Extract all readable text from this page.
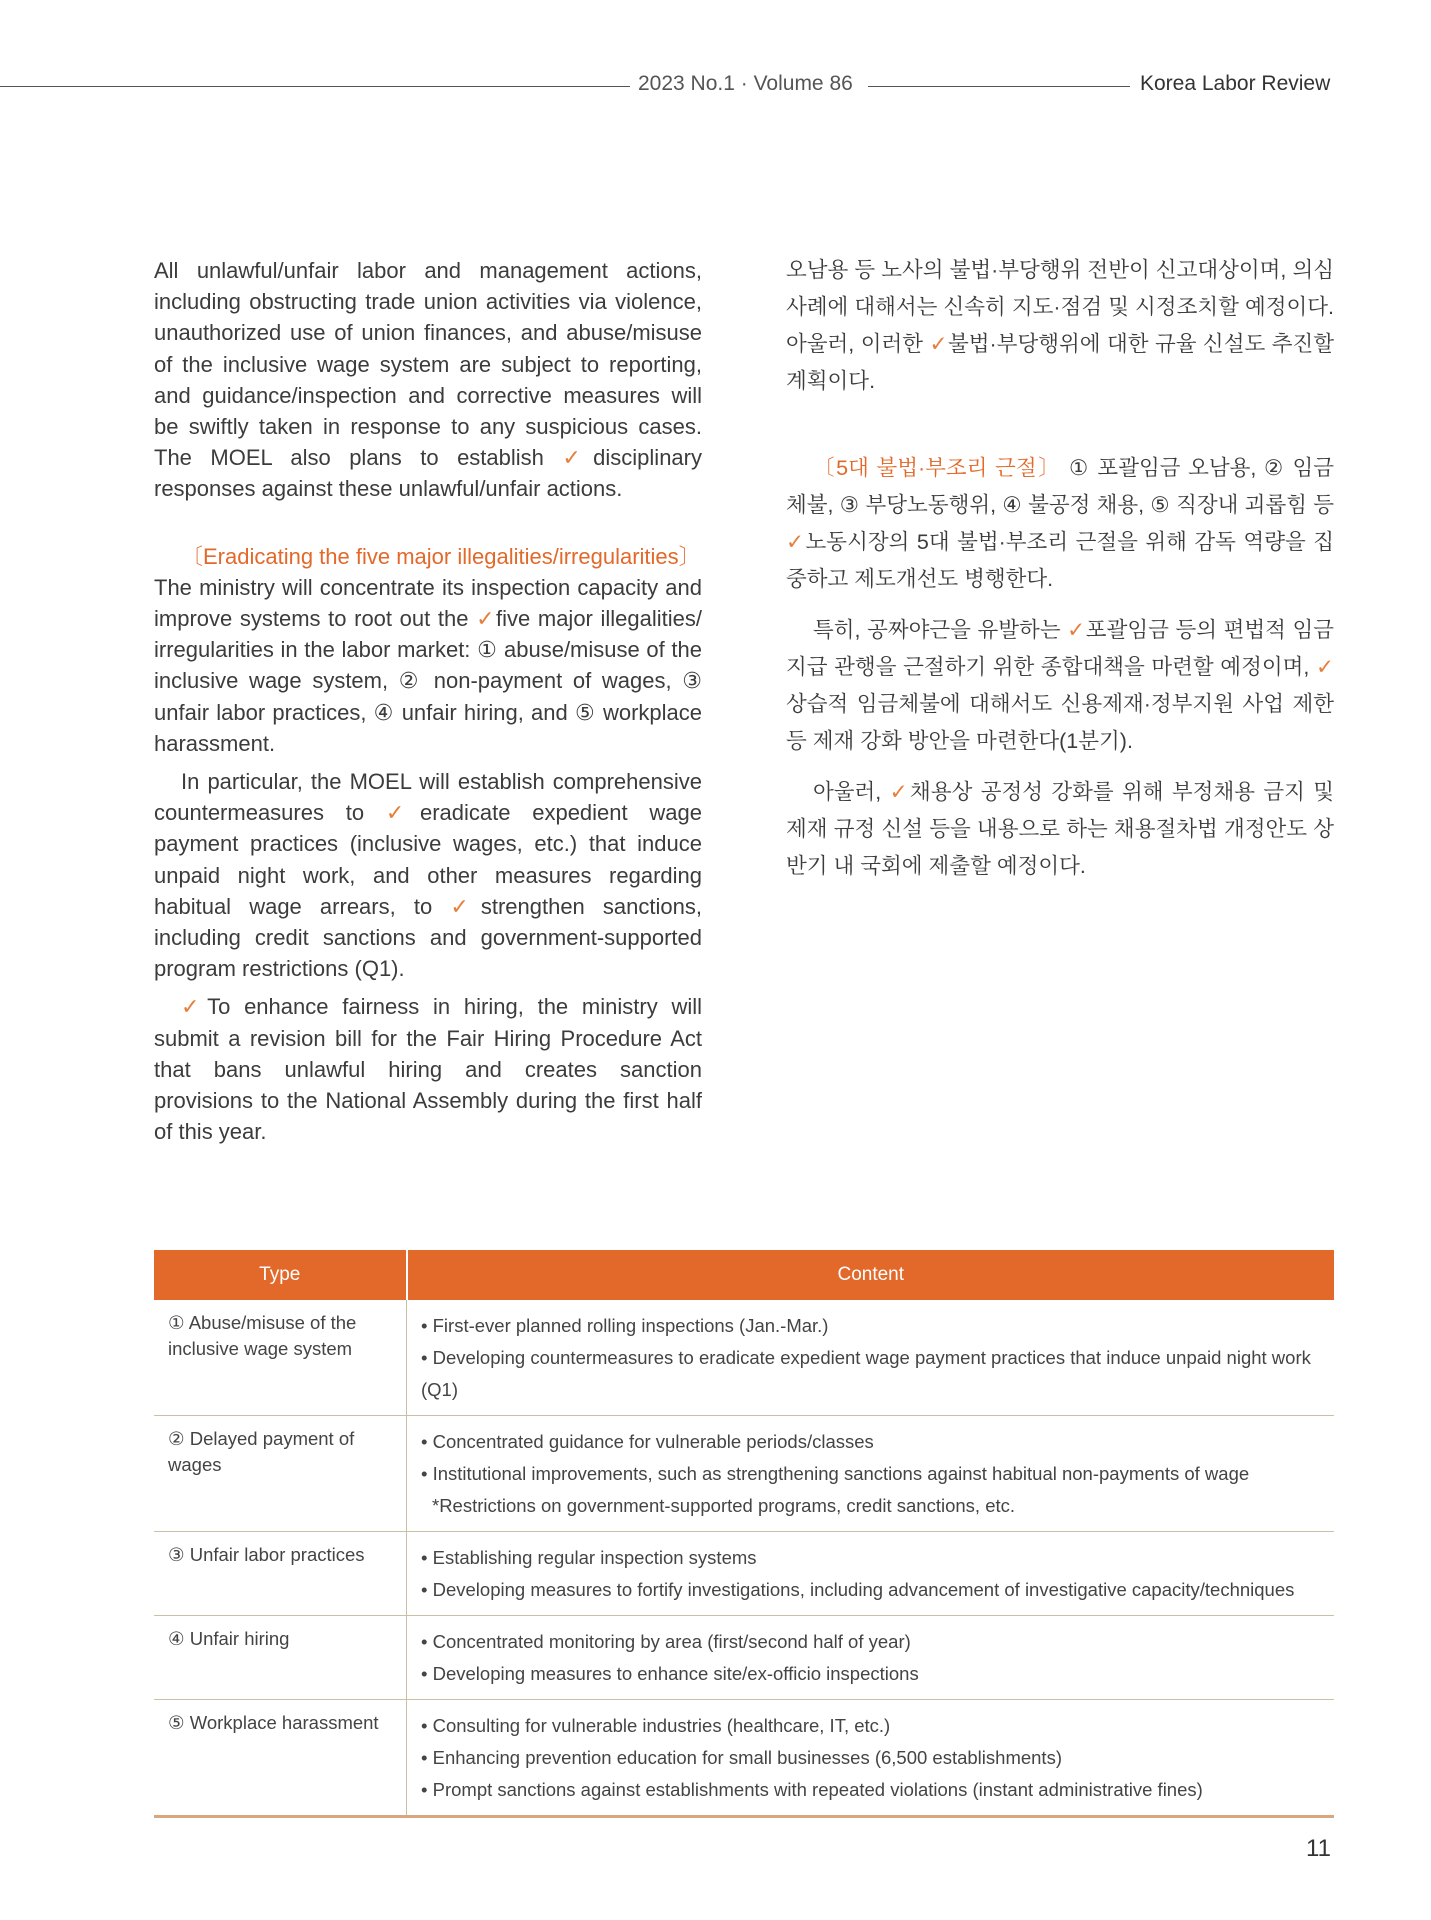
2023 No.1 · Volume 86	Korea Labor Review

All unlawful/unfair labor and management actions, including obstructing trade union activities via violence, unauthorized use of union finances, and abuse/misuse of the inclusive wage system are subject to reporting, and guidance/inspection and corrective measures will be swiftly taken in response to any suspicious cases. The MOEL also plans to establish ✓disciplinary responses against these unlawful/unfair actions.

〔Eradicating the five major illegalities/irregularities〕

The ministry will concentrate its inspection capacity and improve systems to root out the ✓five major illegalities/ irregularities in the labor market: ① abuse/misuse of the inclusive wage system, ② non-payment of wages, ③ unfair labor practices, ④ unfair hiring, and ⑤ workplace harassment.

In particular, the MOEL will establish comprehensive countermeasures to ✓eradicate expedient wage payment practices (inclusive wages, etc.) that induce unpaid night work, and other measures regarding habitual wage arrears, to ✓strengthen sanctions, including credit sanctions and government-supported program restrictions (Q1).

✓To enhance fairness in hiring, the ministry will submit a revision bill for the Fair Hiring Procedure Act that bans unlawful hiring and creates sanction provisions to the National Assembly during the first half of this year.

오남용 등 노사의 불법·부당행위 전반이 신고대상이며, 의심 사례에 대해서는 신속히 지도·점검 및 시정조치할 예정이다. 아울러, 이러한 ✓불법·부당행위에 대한 규율 신설도 추진할 계획이다.

〔5대 불법·부조리 근절〕 ① 포괄임금 오남용, ② 임금체불, ③ 부당노동행위, ④ 불공정 채용, ⑤ 직장내 괴롭힘 등 ✓노동시장의 5대 불법·부조리 근절을 위해 감독 역량을 집중하고 제도개선도 병행한다.

특히, 공짜야근을 유발하는 ✓포괄임금 등의 편법적 임금지급 관행을 근절하기 위한 종합대책을 마련할 예정이며, ✓상습적 임금체불에 대해서도 신용제재·정부지원 사업 제한 등 제재 강화 방안을 마련한다(1분기).

아울러, ✓채용상 공정성 강화를 위해 부정채용 금지 및 제재 규정 신설 등을 내용으로 하는 채용절차법 개정안도 상반기 내 국회에 제출할 예정이다.

Type	Content
① Abuse/misuse of the inclusive wage system	• First-ever planned rolling inspections (Jan.-Mar.)
• Developing countermeasures to eradicate expedient wage payment practices that induce unpaid night work (Q1)

② Delayed payment of wages	• Concentrated guidance for vulnerable periods/classes
• Institutional improvements, such as strengthening sanctions against habitual non-payments of wage
*Restrictions on government-supported programs, credit sanctions, etc.

③ Unfair labor practices	• Establishing regular inspection systems
• Developing measures to fortify investigations, including advancement of investigative capacity/techniques

④ Unfair hiring	• Concentrated monitoring by area (first/second half of year)
• Developing measures to enhance site/ex-officio inspections

⑤ Workplace harassment	• Consulting for vulnerable industries (healthcare, IT, etc.)
• Enhancing prevention education for small businesses (6,500 establishments)
• Prompt sanctions against establishments with repeated violations (instant administrative fines)
11
